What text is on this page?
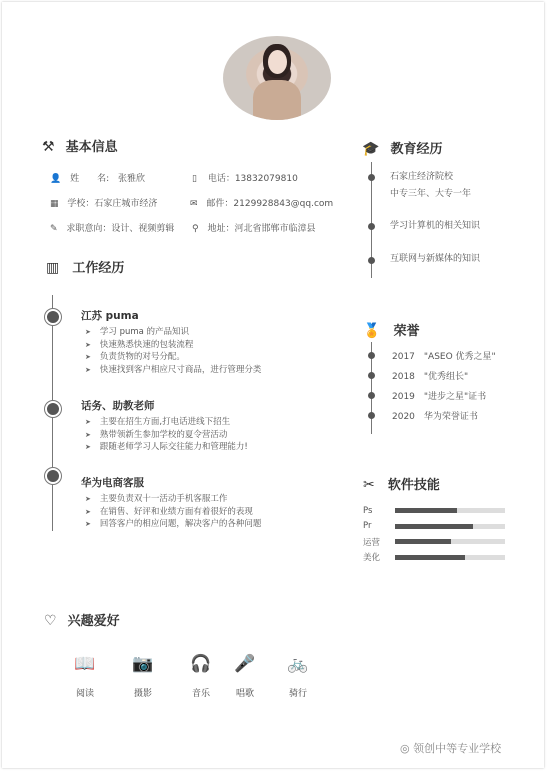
⚒ 基本信息
👤 姓　　名: 张雅欣	▯ 电话：13832079810
▦ 学校：石家庄城市经济	✉ 邮件：2129928843@qq.com
✎ 求职意向：设计、视频剪辑 ⚲ 地址：河北省邯郸市临漳县
▥ 工作经历
江苏 puma
➤ 学习 puma 的产品知识
➤ 快速熟悉快速的包装流程
➤ 负责货物的对号分配。
➤ 快速找到客户相应尺寸商品，进行管理分类
话务、助教老师
➤ 主要在招生方面,打电话进线下招生
➤ 熟带领新生参加学校的夏令营活动
➤ 跟随老师学习人际交往能力和管理能力!
华为电商客服
➤ 主要负责双十一活动手机客服工作
➤ 在销售、好评和业绩方面有着很好的表现
➤ 回答客户的相应问题，解决客户的各种问题
🎓 教育经历
石家庄经济院校
中专三年、大专一年
学习计算机的相关知识
互联网与新媒体的知识
🏅 荣誉
2017　"ASEO 优秀之星"
2018　"优秀组长"
2019　"进步之星"证书
2020　华为荣誉证书
✂ 软件技能
Ps
Pr
运营
美化
♡ 兴趣爱好
📖
阅读
📷
摄影
🎧
音乐
🎤
唱歌
🚲
骑行
◎ 领创中等专业学校
